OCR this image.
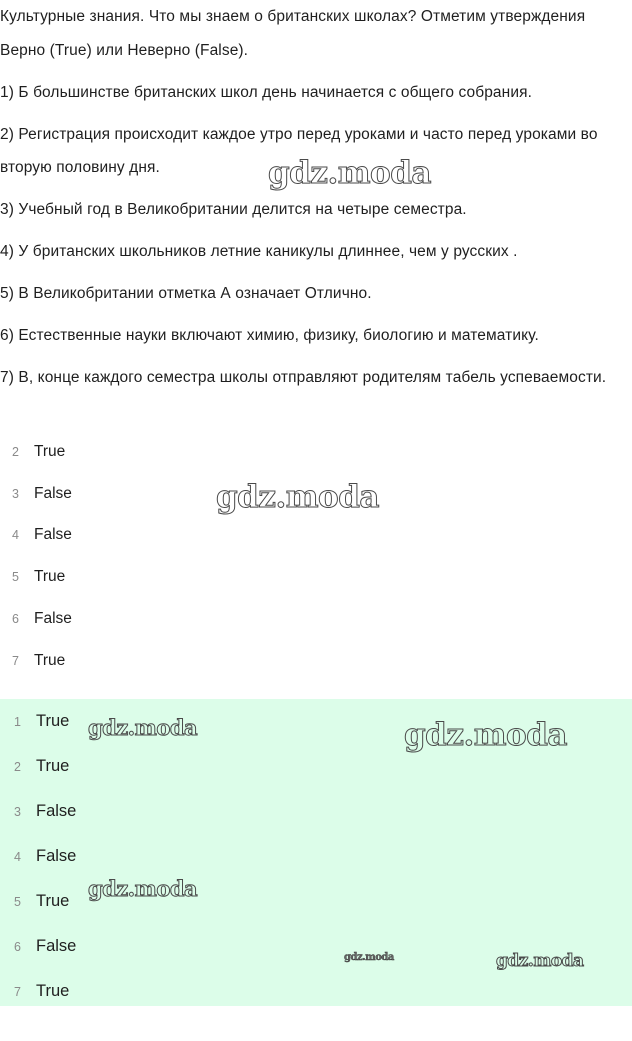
Культурные знания. Что мы знаем о британских школах? Отметим утверждения Верно (True) или Неверно (False).

1) Б большинстве британских школ день начинается с общего собрания.

2) Регистрация происходит каждое утро перед уроками и часто перед уроками во вторую половину дня.

3) Учебный год в Великобритании делится на четыре семестра.

4) У британских школьников летние каникулы длиннее, чем у русских .

5) В Великобритании отметка А означает Отлично.

6) Естественные науки включают химию, физику, биологию и математику.

7) В, конце каждого семестра школы отправляют родителям табель успеваемости.

2 True
3 False
4 False
5 True
6 False
7 True
1 True
2 True
3 False
4 False
5 True
6 False
7 True
gdz.moda
gdz.moda
gdz.moda	gdz.moda
gdz.moda
gdz.moda	gdz.moda
